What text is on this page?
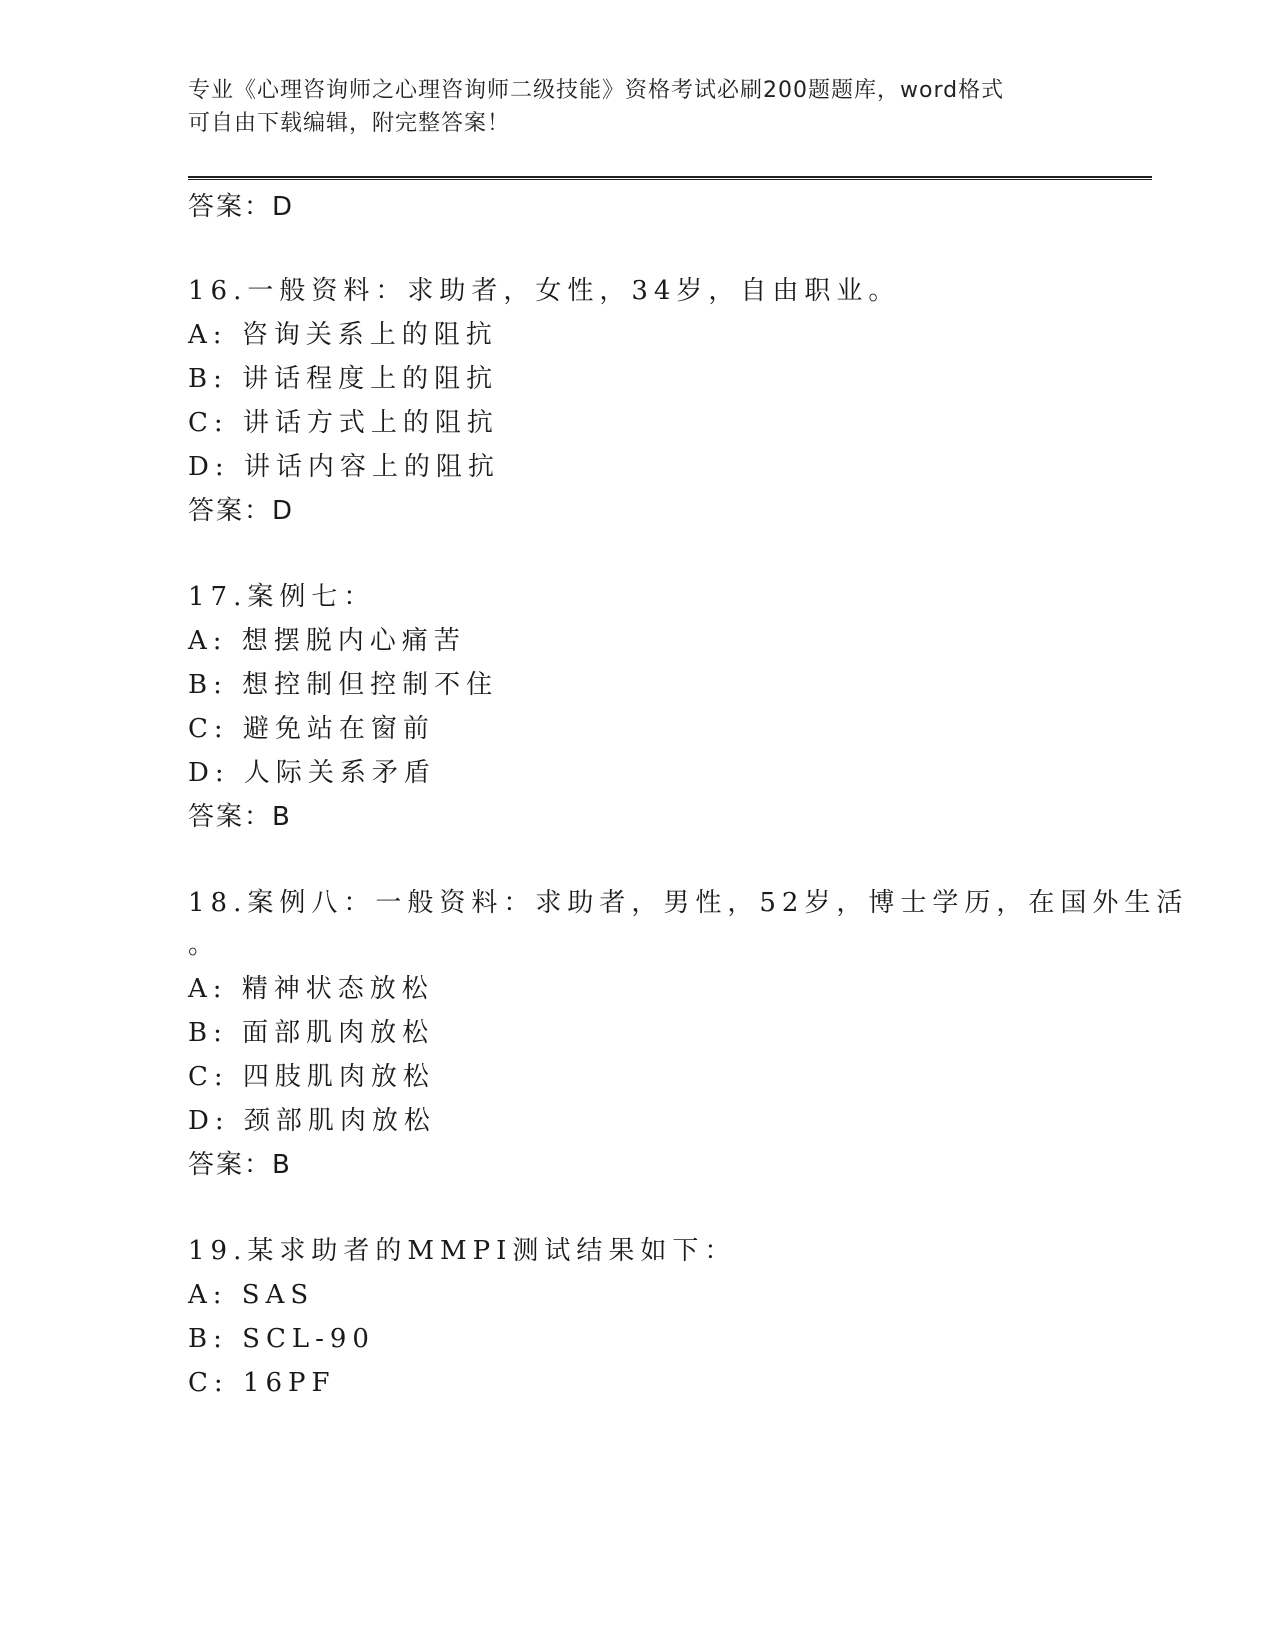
专业《心理咨询师之心理咨询师二级技能》资格考试必刷200题题库，word格式
可自由下载编辑，附完整答案！
答案：D
16.一般资料：求助者，女性，34岁，自由职业。
A: 咨询关系上的阻抗
B: 讲话程度上的阻抗
C: 讲话方式上的阻抗
D: 讲话内容上的阻抗
答案：D
17.案例七：
A: 想摆脱内心痛苦
B: 想控制但控制不住
C: 避免站在窗前
D: 人际关系矛盾
答案：B
18.案例八：一般资料：求助者，男性，52岁，博士学历，在国外生活
。
A: 精神状态放松
B: 面部肌肉放松
C: 四肢肌肉放松
D: 颈部肌肉放松
答案：B
19.某求助者的MMPI测试结果如下：
A: SAS
B: SCL-90
C: 16PF
